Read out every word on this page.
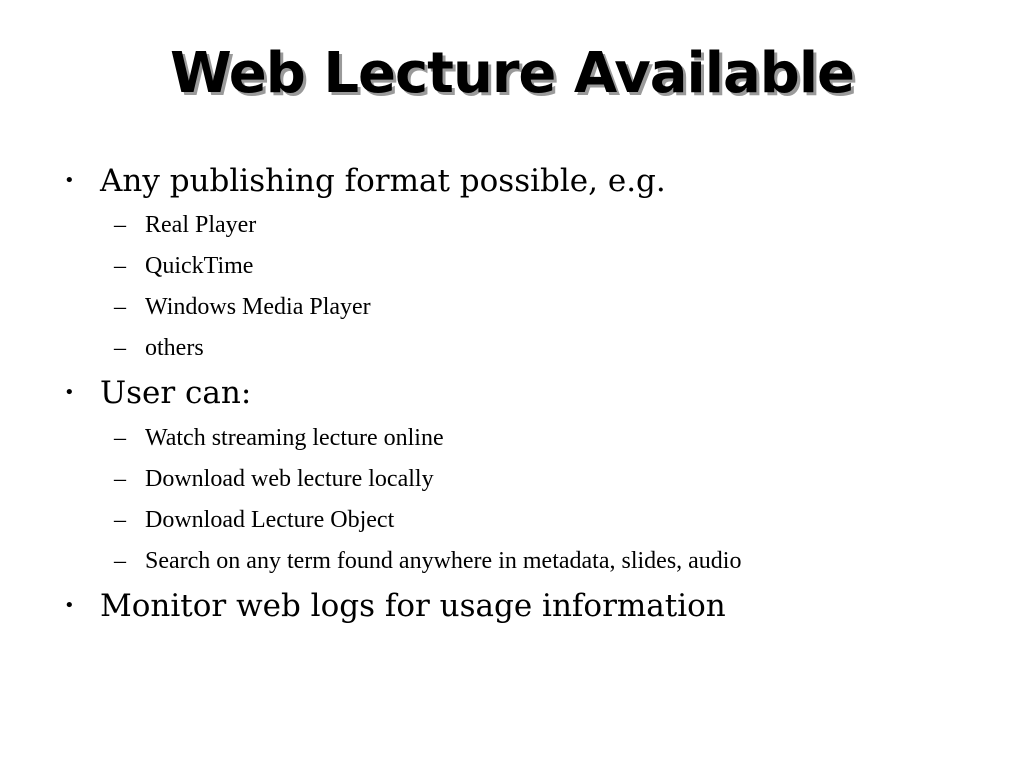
Web Lecture Available
• Any publishing format possible, e.g.
– Real Player
– QuickTime
– Windows Media Player
– others
• User can:
– Watch streaming lecture online
– Download web lecture locally
– Download Lecture Object
– Search on any term found anywhere in metadata, slides, audio
• Monitor web logs for usage information
